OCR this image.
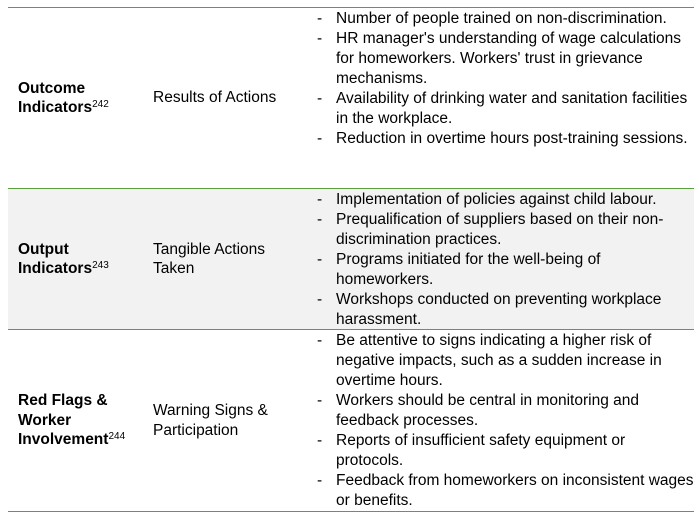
Outcome
Indicators$^{242}$	Results of Actions
- Number of people trained on non-discrimination.
- HR manager's understanding of wage calculations for homeworkers. Workers' trust in grievance mechanisms.
- Availability of drinking water and sanitation facilities in the workplace.
- Reduction in overtime hours post-training sessions.
Output
Indicators$^{243}$
Tangible Actions Taken
- Implementation of policies against child labour.
- Prequalification of suppliers based on their non-discrimination practices.
- Programs initiated for the well-being of homeworkers.
- Workshops conducted on preventing workplace harassment.
Red Flags &
Worker
Involvement$^{244}$
Warning Signs & Participation
- Be attentive to signs indicating a higher risk of negative impacts, such as a sudden increase in overtime hours.
- Workers should be central in monitoring and feedback processes.
- Reports of insufficient safety equipment or protocols.
- Feedback from homeworkers on inconsistent wages or benefits.
